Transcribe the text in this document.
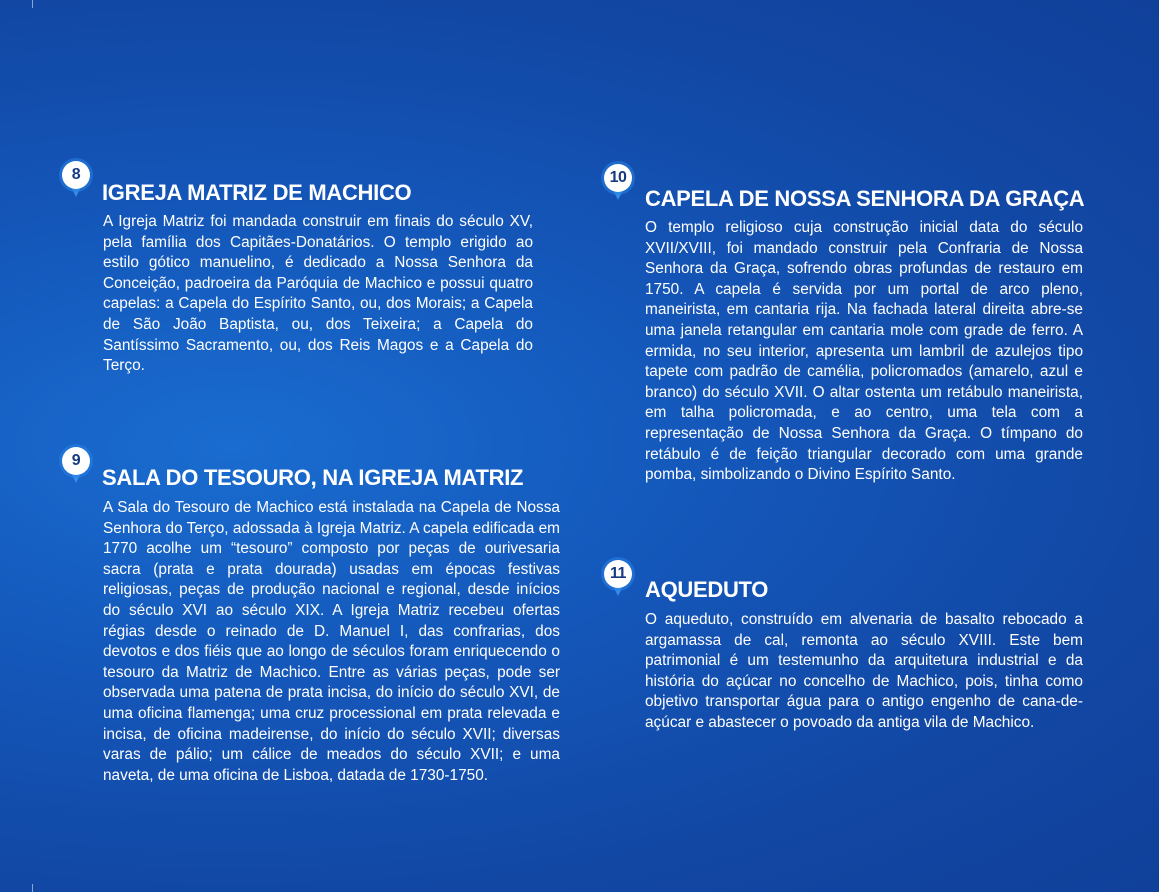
8
IGREJA MATRIZ DE MACHICO
A Igreja Matriz foi mandada construir em finais do século XV, pela família dos Capitães-Donatários. O templo erigido ao estilo gótico manuelino, é dedicado a Nossa Senhora da Conceição, padroeira da Paróquia de Machico e possui quatro capelas: a Capela do Espírito Santo, ou, dos Morais; a Capela de São João Baptista, ou, dos Teixeira; a Capela do Santíssimo Sacramento, ou, dos Reis Magos e a Capela do Terço.
9
SALA DO TESOURO, NA IGREJA MATRIZ
A Sala do Tesouro de Machico está instalada na Capela de Nossa Senhora do Terço, adossada à Igreja Matriz. A capela edificada em 1770 acolhe um “tesouro” composto por peças de ourivesaria sacra (prata e prata dourada) usadas em épocas festivas religiosas, peças de produção nacional e regional, desde inícios do século XVI ao século XIX. A Igreja Matriz recebeu ofertas régias desde o reinado de D. Manuel I, das confrarias, dos devotos e dos fiéis que ao longo de séculos foram enriquecendo o tesouro da Matriz de Machico. Entre as várias peças, pode ser observada uma patena de prata incisa, do início do século XVI, de uma oficina flamenga; uma cruz processional em prata relevada e incisa, de oficina madeirense, do início do século XVII; diversas varas de pálio; um cálice de meados do século XVII; e uma naveta, de uma oficina de Lisboa, datada de 1730-1750.
10
CAPELA DE NOSSA SENHORA DA GRAÇA
O templo religioso cuja construção inicial data do século XVII/XVIII, foi mandado construir pela Confraria de Nossa Senhora da Graça, sofrendo obras profundas de restauro em 1750. A capela é servida por um portal de arco pleno, maneirista, em cantaria rija. Na fachada lateral direita abre-se uma janela retangular em cantaria mole com grade de ferro. A ermida, no seu interior, apresenta um lambril de azulejos tipo tapete com padrão de camélia, policromados (amarelo, azul e branco) do século XVII. O altar ostenta um retábulo maneirista, em talha policromada, e ao centro, uma tela com a representação de Nossa Senhora da Graça. O tímpano do retábulo é de feição triangular decorado com uma grande pomba, simbolizando o Divino Espírito Santo.
11
AQUEDUTO
O aqueduto, construído em alvenaria de basalto rebocado a argamassa de cal, remonta ao século XVIII. Este bem patrimonial é um testemunho da arquitetura industrial e da história do açúcar no concelho de Machico, pois, tinha como objetivo transportar água para o antigo engenho de cana-de-açúcar e abastecer o povoado da antiga vila de Machico.
